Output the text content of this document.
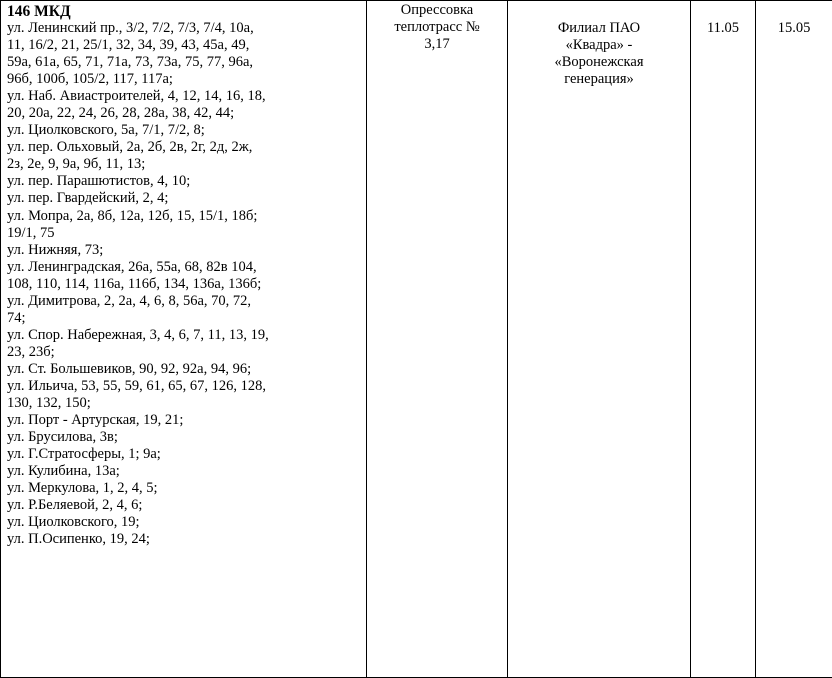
146 МКД
ул. Ленинский пр., 3/2, 7/2, 7/3, 7/4, 10а,
11, 16/2, 21, 25/1, 32, 34, 39, 43, 45а, 49,
59а, 61а, 65, 71, 71а, 73, 73а, 75, 77, 96а,
96б, 100б, 105/2, 117, 117а;
ул. Наб. Авиастроителей, 4, 12, 14, 16, 18,
20, 20а, 22, 24, 26, 28, 28а, 38, 42, 44;
ул. Циолковского, 5а, 7/1, 7/2, 8;
ул. пер. Ольховый, 2а, 2б, 2в, 2г, 2д, 2ж,
2з, 2е, 9, 9а, 9б, 11, 13;
ул. пер. Парашютистов, 4, 10;
ул. пер. Гвардейский, 2, 4;
ул. Мопра, 2а, 8б, 12а, 12б, 15, 15/1, 18б;
19/1, 75
ул. Нижняя, 73;
ул. Ленинградская, 26а, 55а, 68, 82в 104,
108, 110, 114, 116а, 116б, 134, 136а, 136б;
ул. Димитрова, 2, 2а, 4, 6, 8, 56а, 70, 72,
74;
ул. Спор. Набережная, 3, 4, 6, 7, 11, 13, 19,
23, 23б;
ул. Ст. Большевиков, 90, 92, 92а, 94, 96;
ул. Ильича, 53, 55, 59, 61, 65, 67, 126, 128,
130, 132, 150;
ул. Порт - Артурская, 19, 21;
ул. Брусилова, 3в;
ул. Г.Стратосферы, 1; 9а;
ул. Кулибина, 13а;
ул. Меркулова, 1, 2, 4, 5;
ул. Р.Беляевой, 2, 4, 6;
ул. Циолковского, 19;
ул. П.Осипенко, 19, 24;

Опрессовка
теплотрасс №
3,17

Филиал ПАО
«Квадра» -
«Воронежская
генерация»

11.05	15.05
